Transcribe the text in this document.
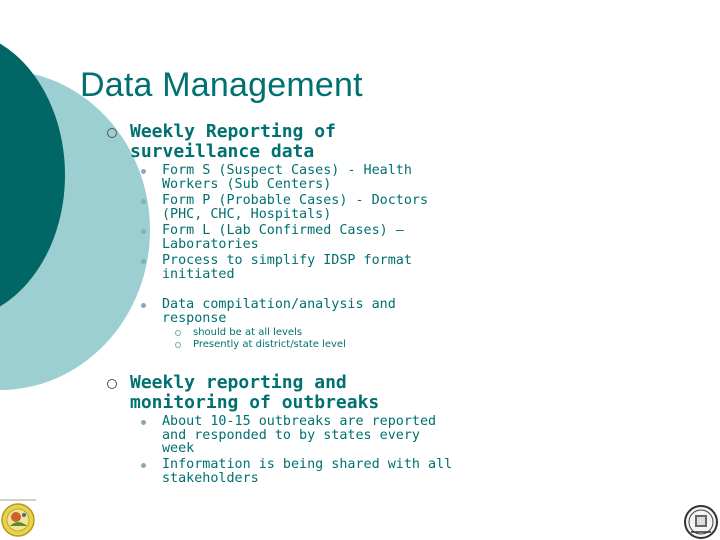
Data Management
Weekly Reporting of
surveillance data
Form S (Suspect Cases) - Health
Workers (Sub Centers)
Form P (Probable Cases) - Doctors
(PHC, CHC, Hospitals)
Form L (Lab Confirmed Cases) –
Laboratories
Process to simplify IDSP format
initiated
Data compilation/analysis and
response
should be at all levels
Presently at district/state level
Weekly reporting and
monitoring of outbreaks
About 10-15 outbreaks are reported
and responded to by states every
week
Information is being shared with all
stakeholders
